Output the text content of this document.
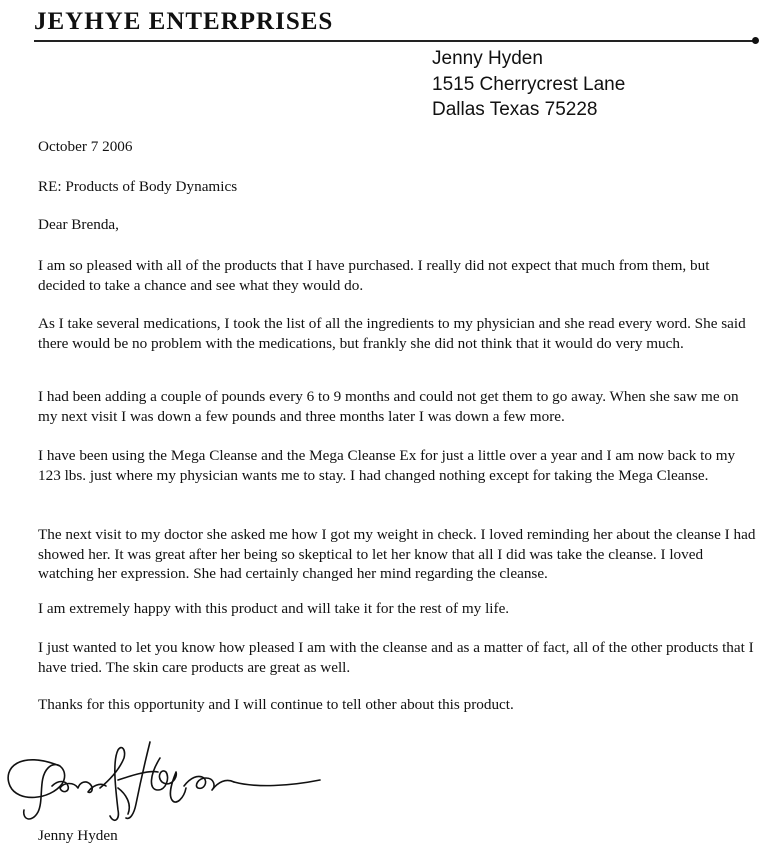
JEYHYE ENTERPRISES
Jenny Hyden
1515 Cherrycrest Lane
Dallas Texas 75228

October 7 2006

RE: Products of Body Dynamics

Dear Brenda,

I am so pleased with all of the products that I have purchased. I really did not expect that much from them, but decided to take a chance and see what they would do.

As I take several medications, I took the list of all the ingredients to my physician and she read every word. She said there would be no problem with the medications, but frankly she did not think that it would do very much.

I had been adding a couple of pounds every 6 to 9 months and could not get them to go away. When she saw me on my next visit I was down a few pounds and three months later I was down a few more.

I have been using the Mega Cleanse and the Mega Cleanse Ex for just a little over a year and I am now back to my 123 lbs. just where my physician wants me to stay. I had changed nothing except for taking the Mega Cleanse.

The next visit to my doctor she asked me how I got my weight in check. I loved reminding her about the cleanse I had showed her. It was great after her being so skeptical to let her know that all I did was take the cleanse. I loved watching her expression. She had certainly changed her mind regarding the cleanse.

I am extremely happy with this product and will take it for the rest of my life.

I just wanted to let you know how pleased I am with the cleanse and as a matter of fact, all of the other products that I have tried. The skin care products are great as well.

Thanks for this opportunity and I will continue to tell other about this product.

Jenny Hyden
